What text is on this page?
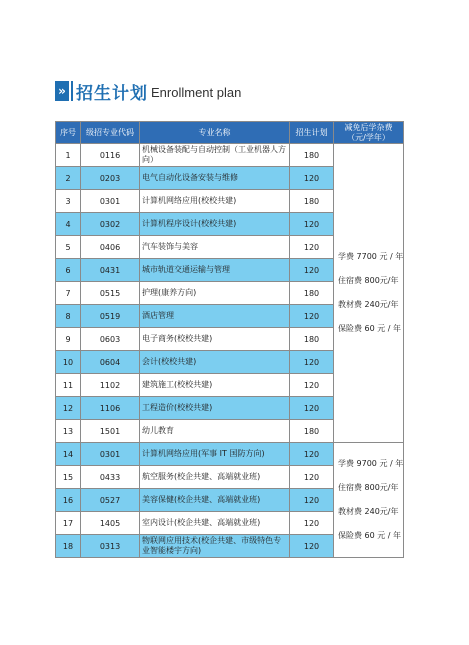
» 招生计划 Enrollment plan
序号	级招专业代码	专业名称	招生计划	减免后学杂费（元/学年）
1	0116	机械设备装配与自动控制（工业机器人方向）	180	学费 7700 元 / 年
住宿费 800元/年
教材费 240元/年
保险费 60 元 / 年

2	0203	电气自动化设备安装与维修	120	
3	0301	计算机网络应用(校校共建)	180	
4	0302	计算机程序设计(校校共建)	120	
5	0406	汽车装饰与美容	120	
6	0431	城市轨道交通运输与管理	120	
7	0515	护理(康养方向)	180	
8	0519	酒店管理	120	
9	0603	电子商务(校校共建)	180	
10	0604	会计(校校共建)	120	
11	1102	建筑施工(校校共建)	120	
12	1106	工程造价(校校共建)	120	
13	1501	幼儿教育	180	
14	0301	计算机网络应用(军事 IT 国防方向)	120	学费 9700 元 / 年
住宿费 800元/年
教材费 240元/年
保险费 60 元 / 年

15	0433	航空服务(校企共建、高端就业班)	120	
16	0527	美容保健(校企共建、高端就业班)	120	
17	1405	室内设计(校企共建、高端就业班)	120	
18	0313	物联网应用技术(校企共建、市级特色专业智能楼宇方向)	120	
